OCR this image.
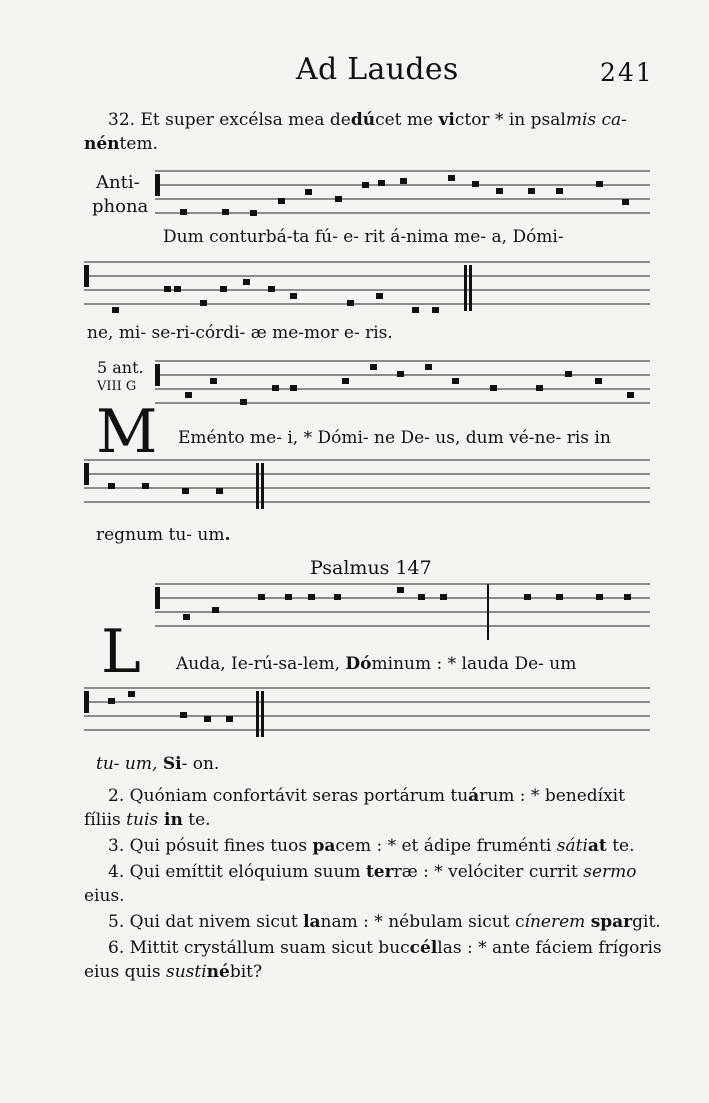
Ad Laudes	241
32. Et super excélsa mea dedúcet me victor * in psalmis ca-
néntem.
Anti-
phona
Dum conturbá-ta fú- e- rit á-nima me- a, Dómi-
ne, mi- se-ri-córdi- æ me-mor e- ris.
5 ant.
VIII G
M Eménto me- i, * Dómi- ne De- us, dum vé-ne- ris in
regnum tu- um.
Psalmus 147
L Auda, Ie-rú-sa-lem, Dóminum : * lauda De- um
tu- um, Si- on.
2. Quóniam confortávit seras portárum tuárum : * benedíxit
fíliis tuis in te.
3. Qui pósuit fines tuos pacem : * et ádipe fruménti sátiat te.
4. Qui emíttit elóquium suum terræ : * velóciter currit sermo
eius.
5. Qui dat nivem sicut lanam : * nébulam sicut cínerem spargit.
6. Mittit crystállum suam sicut buccéllas : * ante fáciem frígoris
eius quis sustinébit?
